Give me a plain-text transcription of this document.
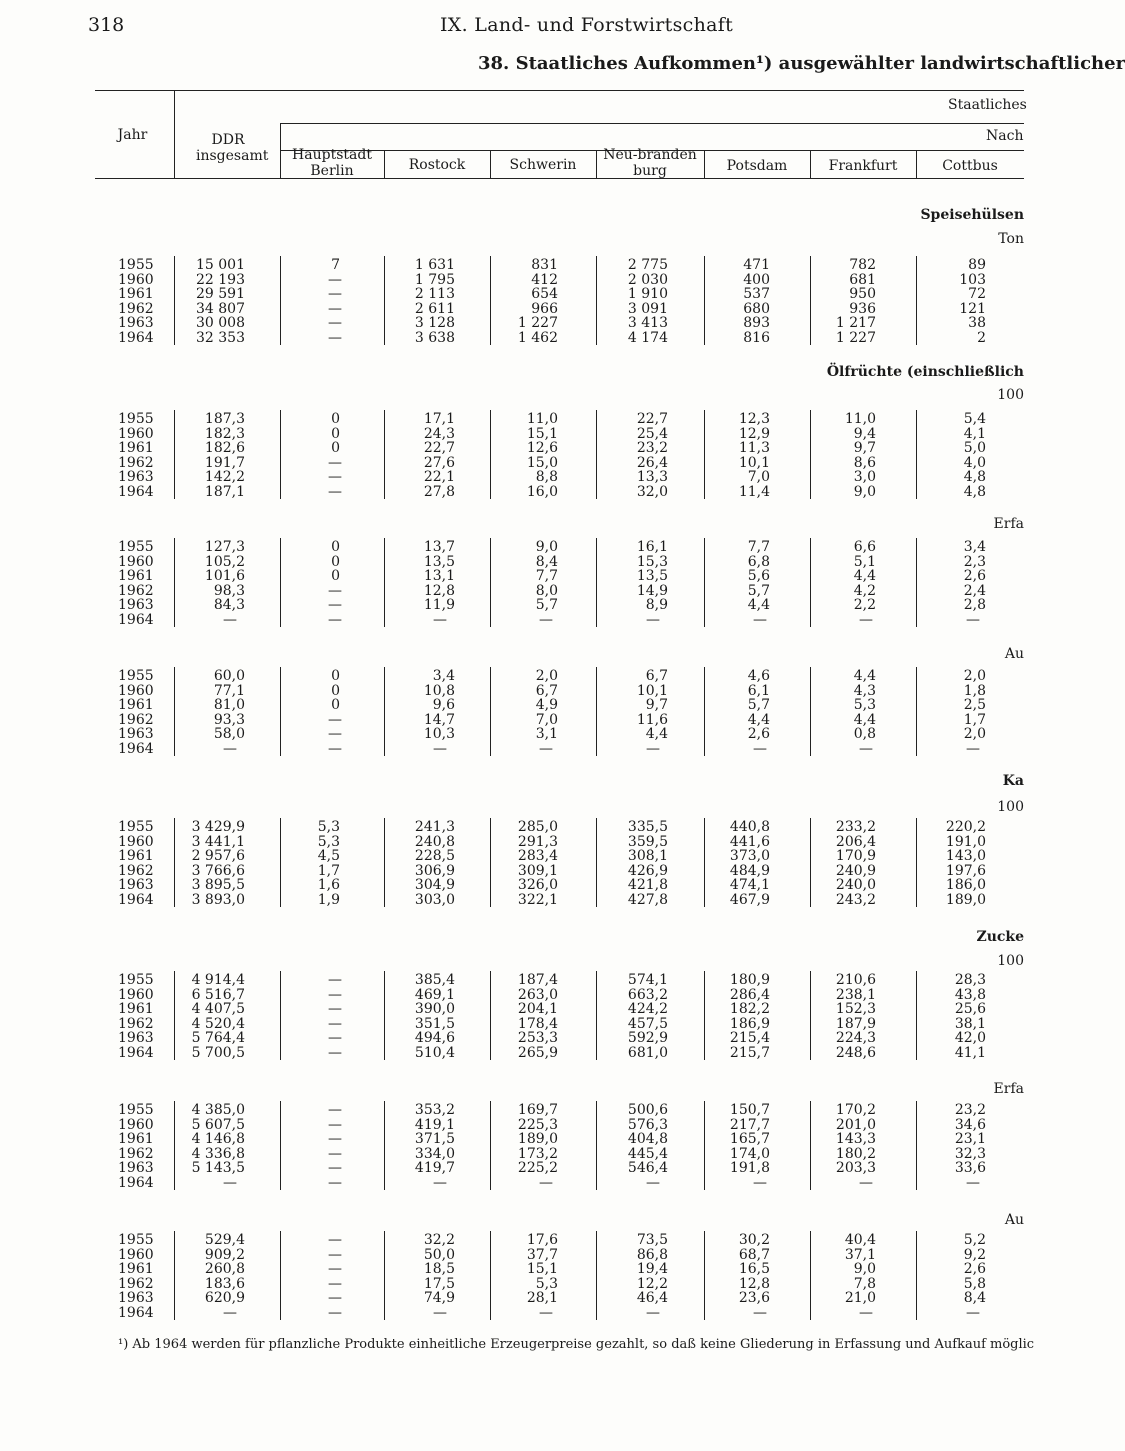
318	IX. Land- und Forstwirtschaft
38. Staatliches Aufkommen¹) ausgewählter landwirtschaftlicher
Jahr	DDR insgesamt
Staatliches
Nach
Hauptstadt Berlin	Rostock	Schwerin
Neu-brandenburg	Potsdam	Frankfurt	Cottbus
Speisehülsen
Ton
1955	15 001	7	1 631	831	2 775	471	782	89
1960	22 193	—	1 795	412	2 030	400	681	103
1961	29 591	—	2 113	654	1 910	537	950	72
1962	34 807	—	2 611	966	3 091	680	936	121
1963	30 008	—	3 128	1 227	3 413	893	1 217	38
1964	32 353	—	3 638	1 462	4 174	816	1 227	2
Ölfrüchte (einschließlich
100
1955	187,3	0	17,1	11,0	22,7	12,3	11,0	5,4
1960	182,3	0	24,3	15,1	25,4	12,9	9,4	4,1
1961	182,6	0	22,7	12,6	23,2	11,3	9,7	5,0
1962	191,7	—	27,6	15,0	26,4	10,1	8,6	4,0
1963	142,2	—	22,1	8,8	13,3	7,0	3,0	4,8
1964	187,1	—	27,8	16,0	32,0	11,4	9,0	4,8
Erfa
1955	127,3	0	13,7	9,0	16,1	7,7	6,6	3,4
1960	105,2	0	13,5	8,4	15,3	6,8	5,1	2,3
1961	101,6	0	13,1	7,7	13,5	5,6	4,4	2,6
1962	98,3	—	12,8	8,0	14,9	5,7	4,2	2,4
1963	84,3	—	11,9	5,7	8,9	4,4	2,2	2,8
1964	—	—	—	—	—	—	—	—
Au
1955	60,0	0	3,4	2,0	6,7	4,6	4,4	2,0
1960	77,1	0	10,8	6,7	10,1	6,1	4,3	1,8
1961	81,0	0	9,6	4,9	9,7	5,7	5,3	2,5
1962	93,3	—	14,7	7,0	11,6	4,4	4,4	1,7
1963	58,0	—	10,3	3,1	4,4	2,6	0,8	2,0
1964	—	—	—	—	—	—	—	—
Ka
100
1955	3 429,9	5,3	241,3	285,0	335,5	440,8	233,2	220,2
1960	3 441,1	5,3	240,8	291,3	359,5	441,6	206,4	191,0
1961	2 957,6	4,5	228,5	283,4	308,1	373,0	170,9	143,0
1962	3 766,6	1,7	306,9	309,1	426,9	484,9	240,9	197,6
1963	3 895,5	1,6	304,9	326,0	421,8	474,1	240,0	186,0
1964	3 893,0	1,9	303,0	322,1	427,8	467,9	243,2	189,0
Zucke
100
1955	4 914,4	—	385,4	187,4	574,1	180,9	210,6	28,3
1960	6 516,7	—	469,1	263,0	663,2	286,4	238,1	43,8
1961	4 407,5	—	390,0	204,1	424,2	182,2	152,3	25,6
1962	4 520,4	—	351,5	178,4	457,5	186,9	187,9	38,1
1963	5 764,4	—	494,6	253,3	592,9	215,4	224,3	42,0
1964	5 700,5	—	510,4	265,9	681,0	215,7	248,6	41,1
Erfa
1955	4 385,0	—	353,2	169,7	500,6	150,7	170,2	23,2
1960	5 607,5	—	419,1	225,3	576,3	217,7	201,0	34,6
1961	4 146,8	—	371,5	189,0	404,8	165,7	143,3	23,1
1962	4 336,8	—	334,0	173,2	445,4	174,0	180,2	32,3
1963	5 143,5	—	419,7	225,2	546,4	191,8	203,3	33,6
1964	—	—	—	—	—	—	—	—
Au
1955	529,4	—	32,2	17,6	73,5	30,2	40,4	5,2
1960	909,2	—	50,0	37,7	86,8	68,7	37,1	9,2
1961	260,8	—	18,5	15,1	19,4	16,5	9,0	2,6
1962	183,6	—	17,5	5,3	12,2	12,8	7,8	5,8
1963	620,9	—	74,9	28,1	46,4	23,6	21,0	8,4
1964	—	—	—	—	—	—	—	—
¹) Ab 1964 werden für pflanzliche Produkte einheitliche Erzeugerpreise gezahlt, so daß keine Gliederung in Erfassung und Aufkauf möglic
